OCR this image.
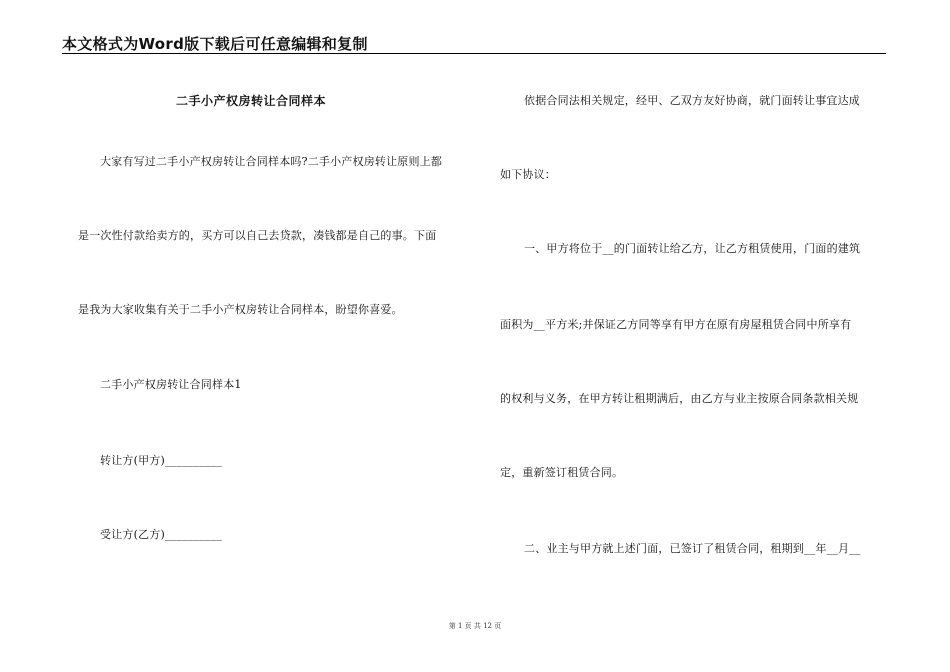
本文格式为Word版下载后可任意编辑和复制
二手小产权房转让合同样本
大家有写过二手小产权房转让合同样本吗?二手小产权房转让原则上都
是一次性付款给卖方的，买方可以自己去贷款，凑钱都是自己的事。下面
是我为大家收集有关于二手小产权房转让合同样本，盼望你喜爱。
二手小产权房转让合同样本1
转让方(甲方)__________
受让方(乙方)__________
依据合同法相关规定，经甲、乙双方友好协商，就门面转让事宜达成
如下协议：
一、甲方将位于__的门面转让给乙方，让乙方租赁使用，门面的建筑
面积为__平方米;并保证乙方同等享有甲方在原有房屋租赁合同中所享有
的权利与义务，在甲方转让租期满后，由乙方与业主按原合同条款相关规
定，重新签订租赁合同。
二、业主与甲方就上述门面，已签订了租赁合同，租期到__年__月__
第 1 页 共 12 页
